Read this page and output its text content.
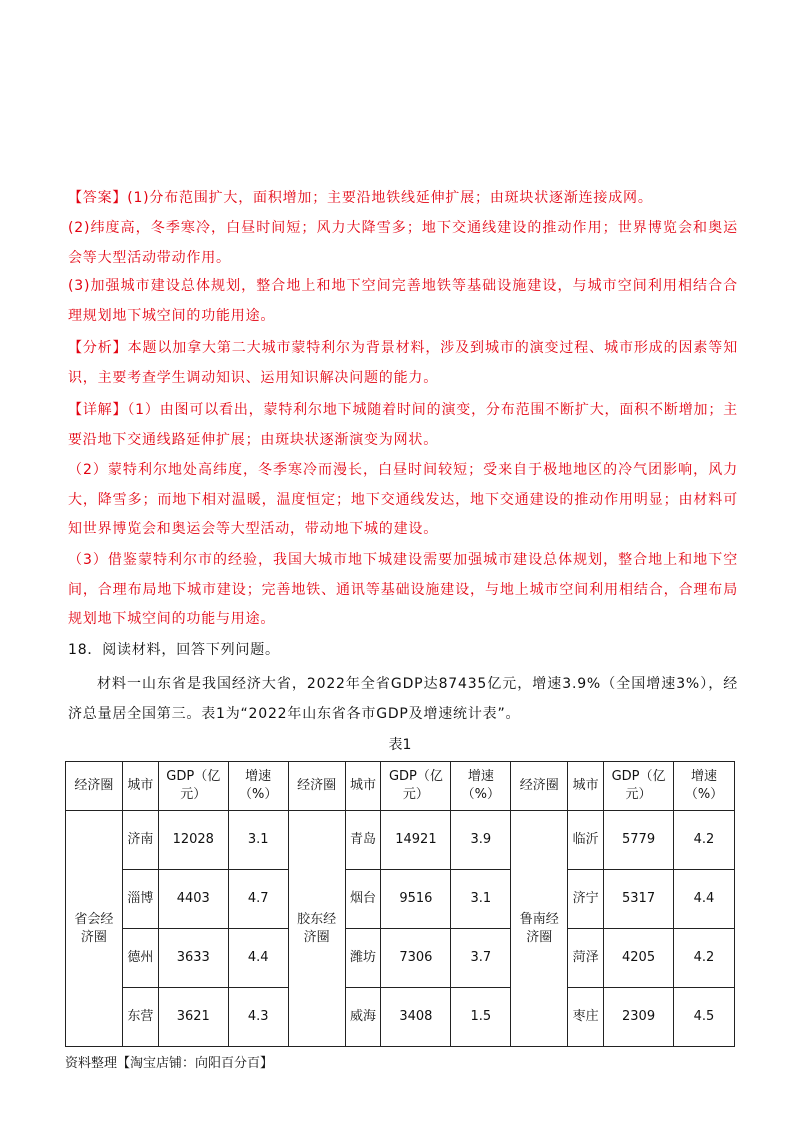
【答案】(1)分布范围扩大，面积增加；主要沿地铁线延伸扩展；由斑块状逐渐连接成网。
(2)纬度高，冬季寒冷，白昼时间短；风力大降雪多；地下交通线建设的推动作用；世界博览会和奥运会等大型活动带动作用。
(3)加强城市建设总体规划，整合地上和地下空间完善地铁等基础设施建设，与城市空间利用相结合合理规划地下城空间的功能用途。
【分析】本题以加拿大第二大城市蒙特利尔为背景材料，涉及到城市的演变过程、城市形成的因素等知识，主要考查学生调动知识、运用知识解决问题的能力。
【详解】（1）由图可以看出，蒙特利尔地下城随着时间的演变，分布范围不断扩大，面积不断增加；主要沿地下交通线路延伸扩展；由斑块状逐渐演变为网状。
（2）蒙特利尔地处高纬度，冬季寒冷而漫长，白昼时间较短；受来自于极地地区的冷气团影响，风力大，降雪多；而地下相对温暖，温度恒定；地下交通线发达，地下交通建设的推动作用明显；由材料可知世界博览会和奥运会等大型活动，带动地下城的建设。
（3）借鉴蒙特利尔市的经验，我国大城市地下城建设需要加强城市建设总体规划，整合地上和地下空间，合理布局地下城市建设；完善地铁、通讯等基础设施建设，与地上城市空间利用相结合，合理布局规划地下城空间的功能与用途。
18．阅读材料，回答下列问题。
材料一山东省是我国经济大省，2022年全省GDP达87435亿元，增速3.9%（全国增速3%），经济总量居全国第三。表1为“2022年山东省各市GDP及增速统计表”。
表1
经济圈	城市	GDP（亿元）	增速（%）	经济圈	城市	GDP（亿元）	增速（%）	经济圈	城市	GDP（亿元）	增速（%）
省会经济圈	济南	12028	3.1	胶东经济圈	青岛	14921	3.9	鲁南经济圈	临沂	5779	4.2
	淄博	4403	4.7		烟台	9516	3.1		济宁	5317	4.4
	德州	3633	4.4		潍坊	7306	3.7		菏泽	4205	4.2
	东营	3621	4.3		威海	3408	1.5		枣庄	2309	4.5
资料整理【淘宝店铺：向阳百分百】
